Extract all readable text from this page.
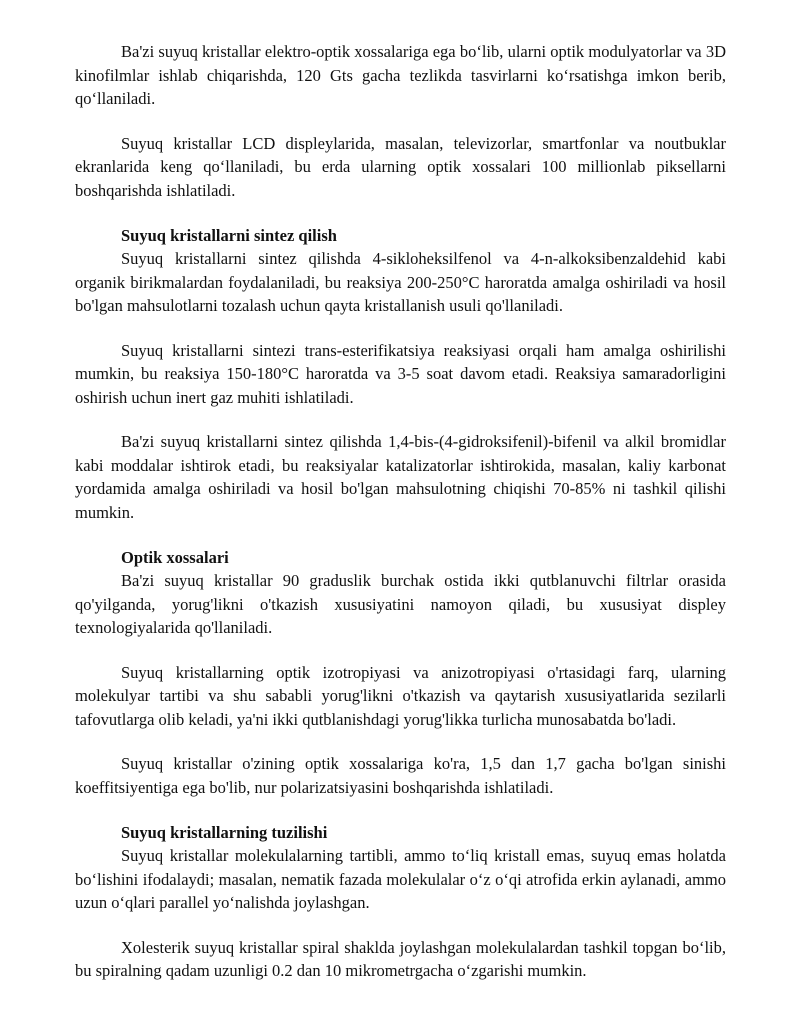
Ba'zi suyuq kristallar elektro-optik xossalariga ega bo‘lib, ularni optik modulyatorlar va 3D kinofilmlar ishlab chiqarishda, 120 Gts gacha tezlikda tasvirlarni ko‘rsatishga imkon berib, qo‘llaniladi.

Suyuq kristallar LCD displeylarida, masalan, televizorlar, smartfonlar va noutbuklar ekranlarida keng qo‘llaniladi, bu erda ularning optik xossalari 100 millionlab piksellarni boshqarishda ishlatiladi.

Suyuq kristallarni sintez qilish

Suyuq kristallarni sintez qilishda 4-sikloheksilfenol va 4-n-alkoksibenzaldehid kabi organik birikmalardan foydalaniladi, bu reaksiya 200-250°C haroratda amalga oshiriladi va hosil bo'lgan mahsulotlarni tozalash uchun qayta kristallanish usuli qo'llaniladi.

Suyuq kristallarni sintezi trans-esterifikatsiya reaksiyasi orqali ham amalga oshirilishi mumkin, bu reaksiya 150-180°C haroratda va 3-5 soat davom etadi. Reaksiya samaradorligini oshirish uchun inert gaz muhiti ishlatiladi.

Ba'zi suyuq kristallarni sintez qilishda 1,4-bis-(4-gidroksifenil)-bifenil va alkil bromidlar kabi moddalar ishtirok etadi, bu reaksiyalar katalizatorlar ishtirokida, masalan, kaliy karbonat yordamida amalga oshiriladi va hosil bo'lgan mahsulotning chiqishi 70-85% ni tashkil qilishi mumkin.

Optik xossalari

Ba'zi suyuq kristallar 90 graduslik burchak ostida ikki qutblanuvchi filtrlar orasida qo'yilganda, yorug'likni o'tkazish xususiyatini namoyon qiladi, bu xususiyat displey texnologiyalarida qo'llaniladi.

Suyuq kristallarning optik izotropiyasi va anizotropiyasi o'rtasidagi farq, ularning molekulyar tartibi va shu sababli yorug'likni o'tkazish va qaytarish xususiyatlarida sezilarli tafovutlarga olib keladi, ya'ni ikki qutblanishdagi yorug'likka turlicha munosabatda bo'ladi.

Suyuq kristallar o'zining optik xossalariga ko'ra, 1,5 dan 1,7 gacha bo'lgan sinishi koeffitsiyentiga ega bo'lib, nur polarizatsiyasini boshqarishda ishlatiladi.

Suyuq kristallarning tuzilishi

Suyuq kristallar molekulalarning tartibli, ammo to‘liq kristall emas, suyuq emas holatda bo‘lishini ifodalaydi; masalan, nematik fazada molekulalar o‘z o‘qi atrofida erkin aylanadi, ammo uzun o‘qlari parallel yo‘nalishda joylashgan.

Xolesterik suyuq kristallar spiral shaklda joylashgan molekulalardan tashkil topgan bo‘lib, bu spiralning qadam uzunligi 0.2 dan 10 mikrometrgacha o‘zgarishi mumkin.
